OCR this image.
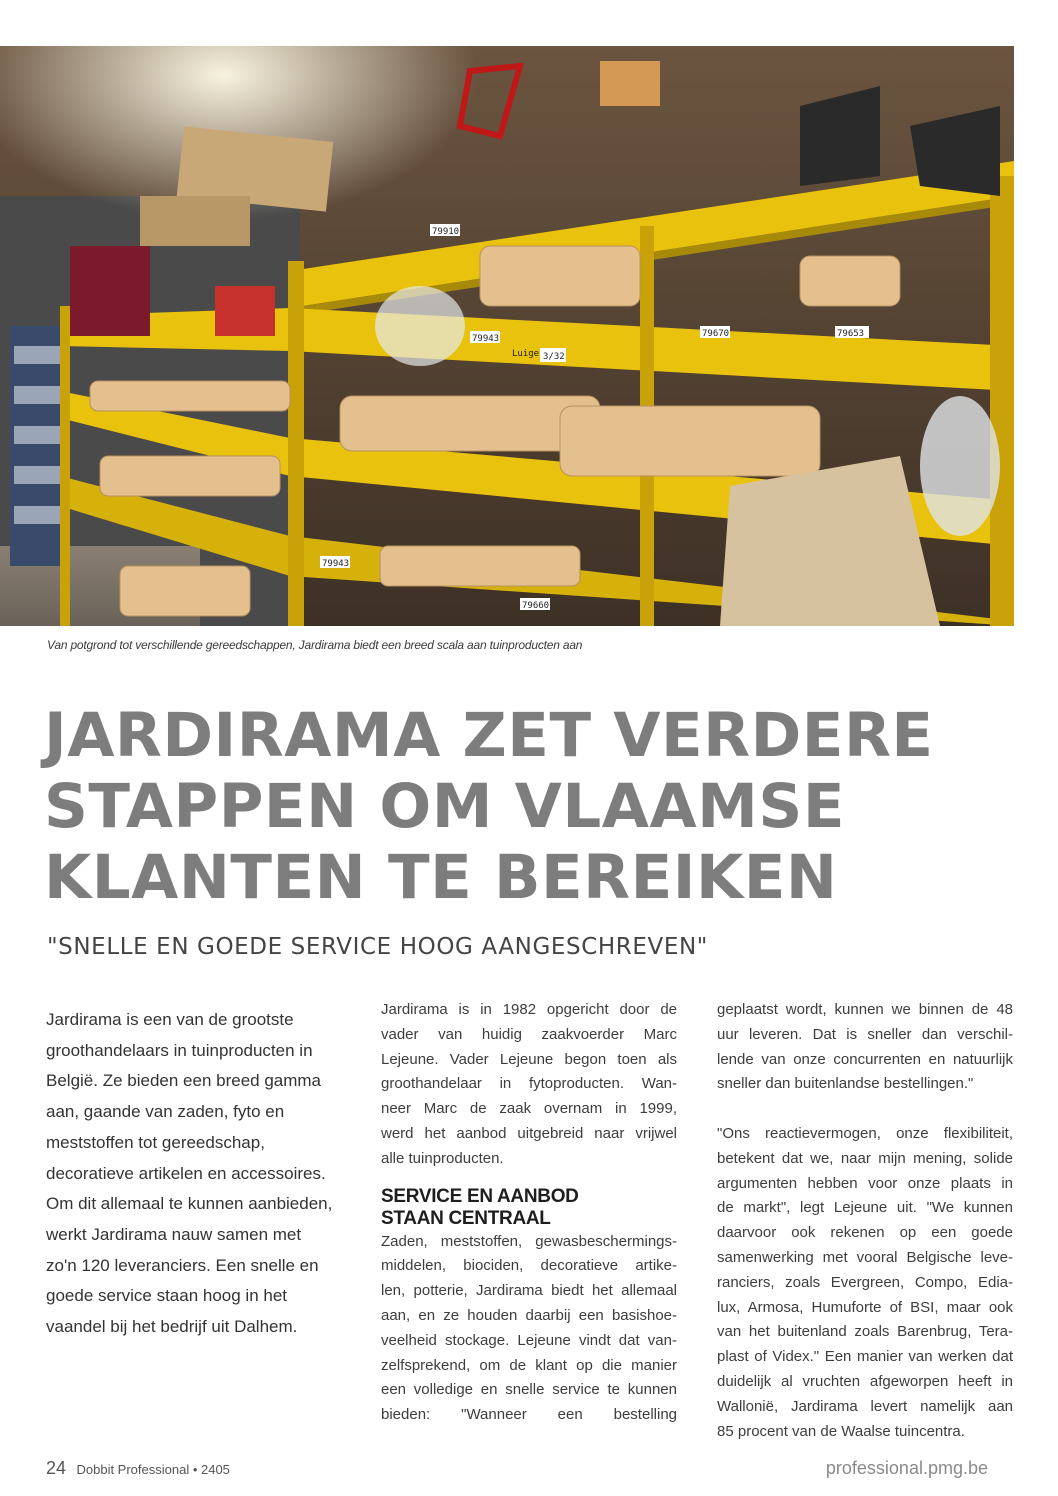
79910
79943	79670	79653
79943
79660
3/32
Luige
Van potgrond tot verschillende gereedschappen, Jardirama biedt een breed scala aan tuinproducten aan
JARDIRAMA ZET VERDERE
STAPPEN OM VLAAMSE
KLANTEN TE BEREIKEN
"SNELLE EN GOEDE SERVICE HOOG AANGESCHREVEN"
Jardirama is een van de grootste
groothandelaars in tuinproducten in
België. Ze bieden een breed gamma
aan, gaande van zaden, fyto en
meststoffen tot gereedschap,
decoratieve artikelen en accessoires.
Om dit allemaal te kunnen aanbieden,
werkt Jardirama nauw samen met
zo'n 120 leveranciers. Een snelle en
goede service staan hoog in het
vaandel bij het bedrijf uit Dalhem.
Jardirama is in 1982 opgericht door de
vader van huidig zaakvoerder Marc
Lejeune. Vader Lejeune begon toen als
groothandelaar in fytoproducten. Wan-
neer Marc de zaak overnam in 1999,
werd het aanbod uitgebreid naar vrijwel
alle tuinproducten.
SERVICE EN AANBOD
STAAN CENTRAAL
Zaden, meststoffen, gewasbeschermings-
middelen, biociden, decoratieve artike-
len, potterie, Jardirama biedt het allemaal
aan, en ze houden daarbij een basishoe-
veelheid stockage. Lejeune vindt dat van-
zelfsprekend, om de klant op die manier
een volledige en snelle service te kunnen
bieden: "Wanneer een bestelling
geplaatst wordt, kunnen we binnen de 48
uur leveren. Dat is sneller dan verschil-
lende van onze concurrenten en natuurlijk
sneller dan buitenlandse bestellingen."
"Ons reactievermogen, onze flexibiliteit,
betekent dat we, naar mijn mening, solide
argumenten hebben voor onze plaats in
de markt", legt Lejeune uit. "We kunnen
daarvoor ook rekenen op een goede
samenwerking met vooral Belgische leve-
ranciers, zoals Evergreen, Compo, Edia-
lux, Armosa, Humuforte of BSI, maar ook
van het buitenland zoals Barenbrug, Tera-
plast of Videx." Een manier van werken dat
duidelijk al vruchten afgeworpen heeft in
Wallonië, Jardirama levert namelijk aan
85 procent van de Waalse tuincentra.
24 Dobbit Professional • 2405	professional.pmg.be
